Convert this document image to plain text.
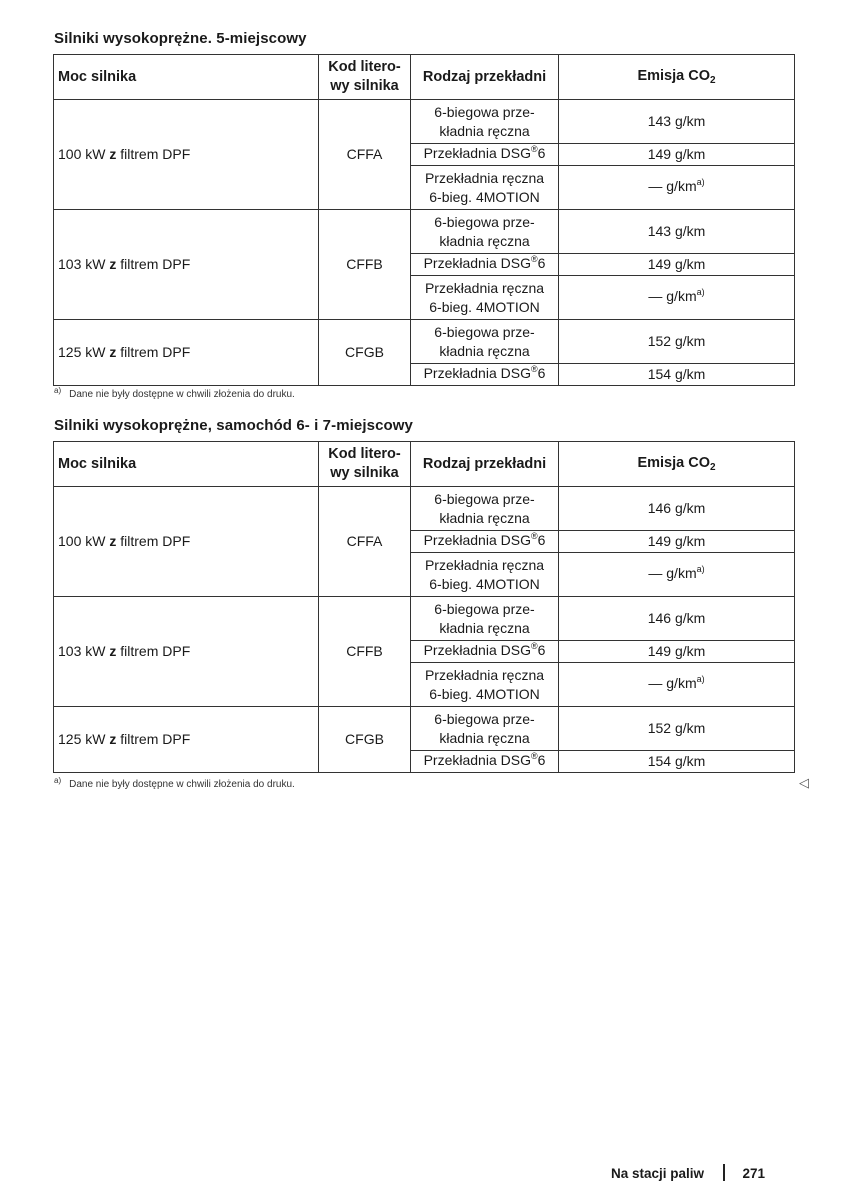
Silniki wysokoprężne. 5-miejscowy
Moc silnika	Kod litero-
wy silnika	Rodzaj przekładni	Emisja $CO_2$
100 kW z filtrem DPF	CFFA	6-biegowa prze-
kładnia ręczna	143 g/km
		Przekładnia DSG®6	149 g/km
		Przekładnia ręczna
6-bieg. 4MOTION	— $g/km^{a)}$
103 kW z filtrem DPF	CFFB	6-biegowa prze-
kładnia ręczna	143 g/km
		Przekładnia DSG®6	149 g/km
		Przekładnia ręczna
6-bieg. 4MOTION	— $g/km^{a)}$
125 kW z filtrem DPF	CFGB	6-biegowa prze-
kładnia ręczna	152 g/km
		Przekładnia DSG®6	154 g/km

$^{a)}$ Dane nie były dostępne w chwili złożenia do druku.

Silniki wysokoprężne, samochód 6- i 7-miejscowy
Moc silnika	Kod litero-
wy silnika	Rodzaj przekładni	Emisja $CO_2$
100 kW z filtrem DPF	CFFA	6-biegowa prze-
kładnia ręczna	146 g/km
		Przekładnia DSG®6	149 g/km
		Przekładnia ręczna
6-bieg. 4MOTION	— $g/km^{a)}$
103 kW z filtrem DPF	CFFB	6-biegowa prze-
kładnia ręczna	146 g/km
		Przekładnia DSG®6	149 g/km
		Przekładnia ręczna
6-bieg. 4MOTION	— $g/km^{a)}$
125 kW z filtrem DPF	CFGB	6-biegowa prze-
kładnia ręczna	152 g/km
		Przekładnia DSG®6	154 g/km

$^{a)}$ Dane nie były dostępne w chwili złożenia do druku.	◁
Na stacji paliw	271
